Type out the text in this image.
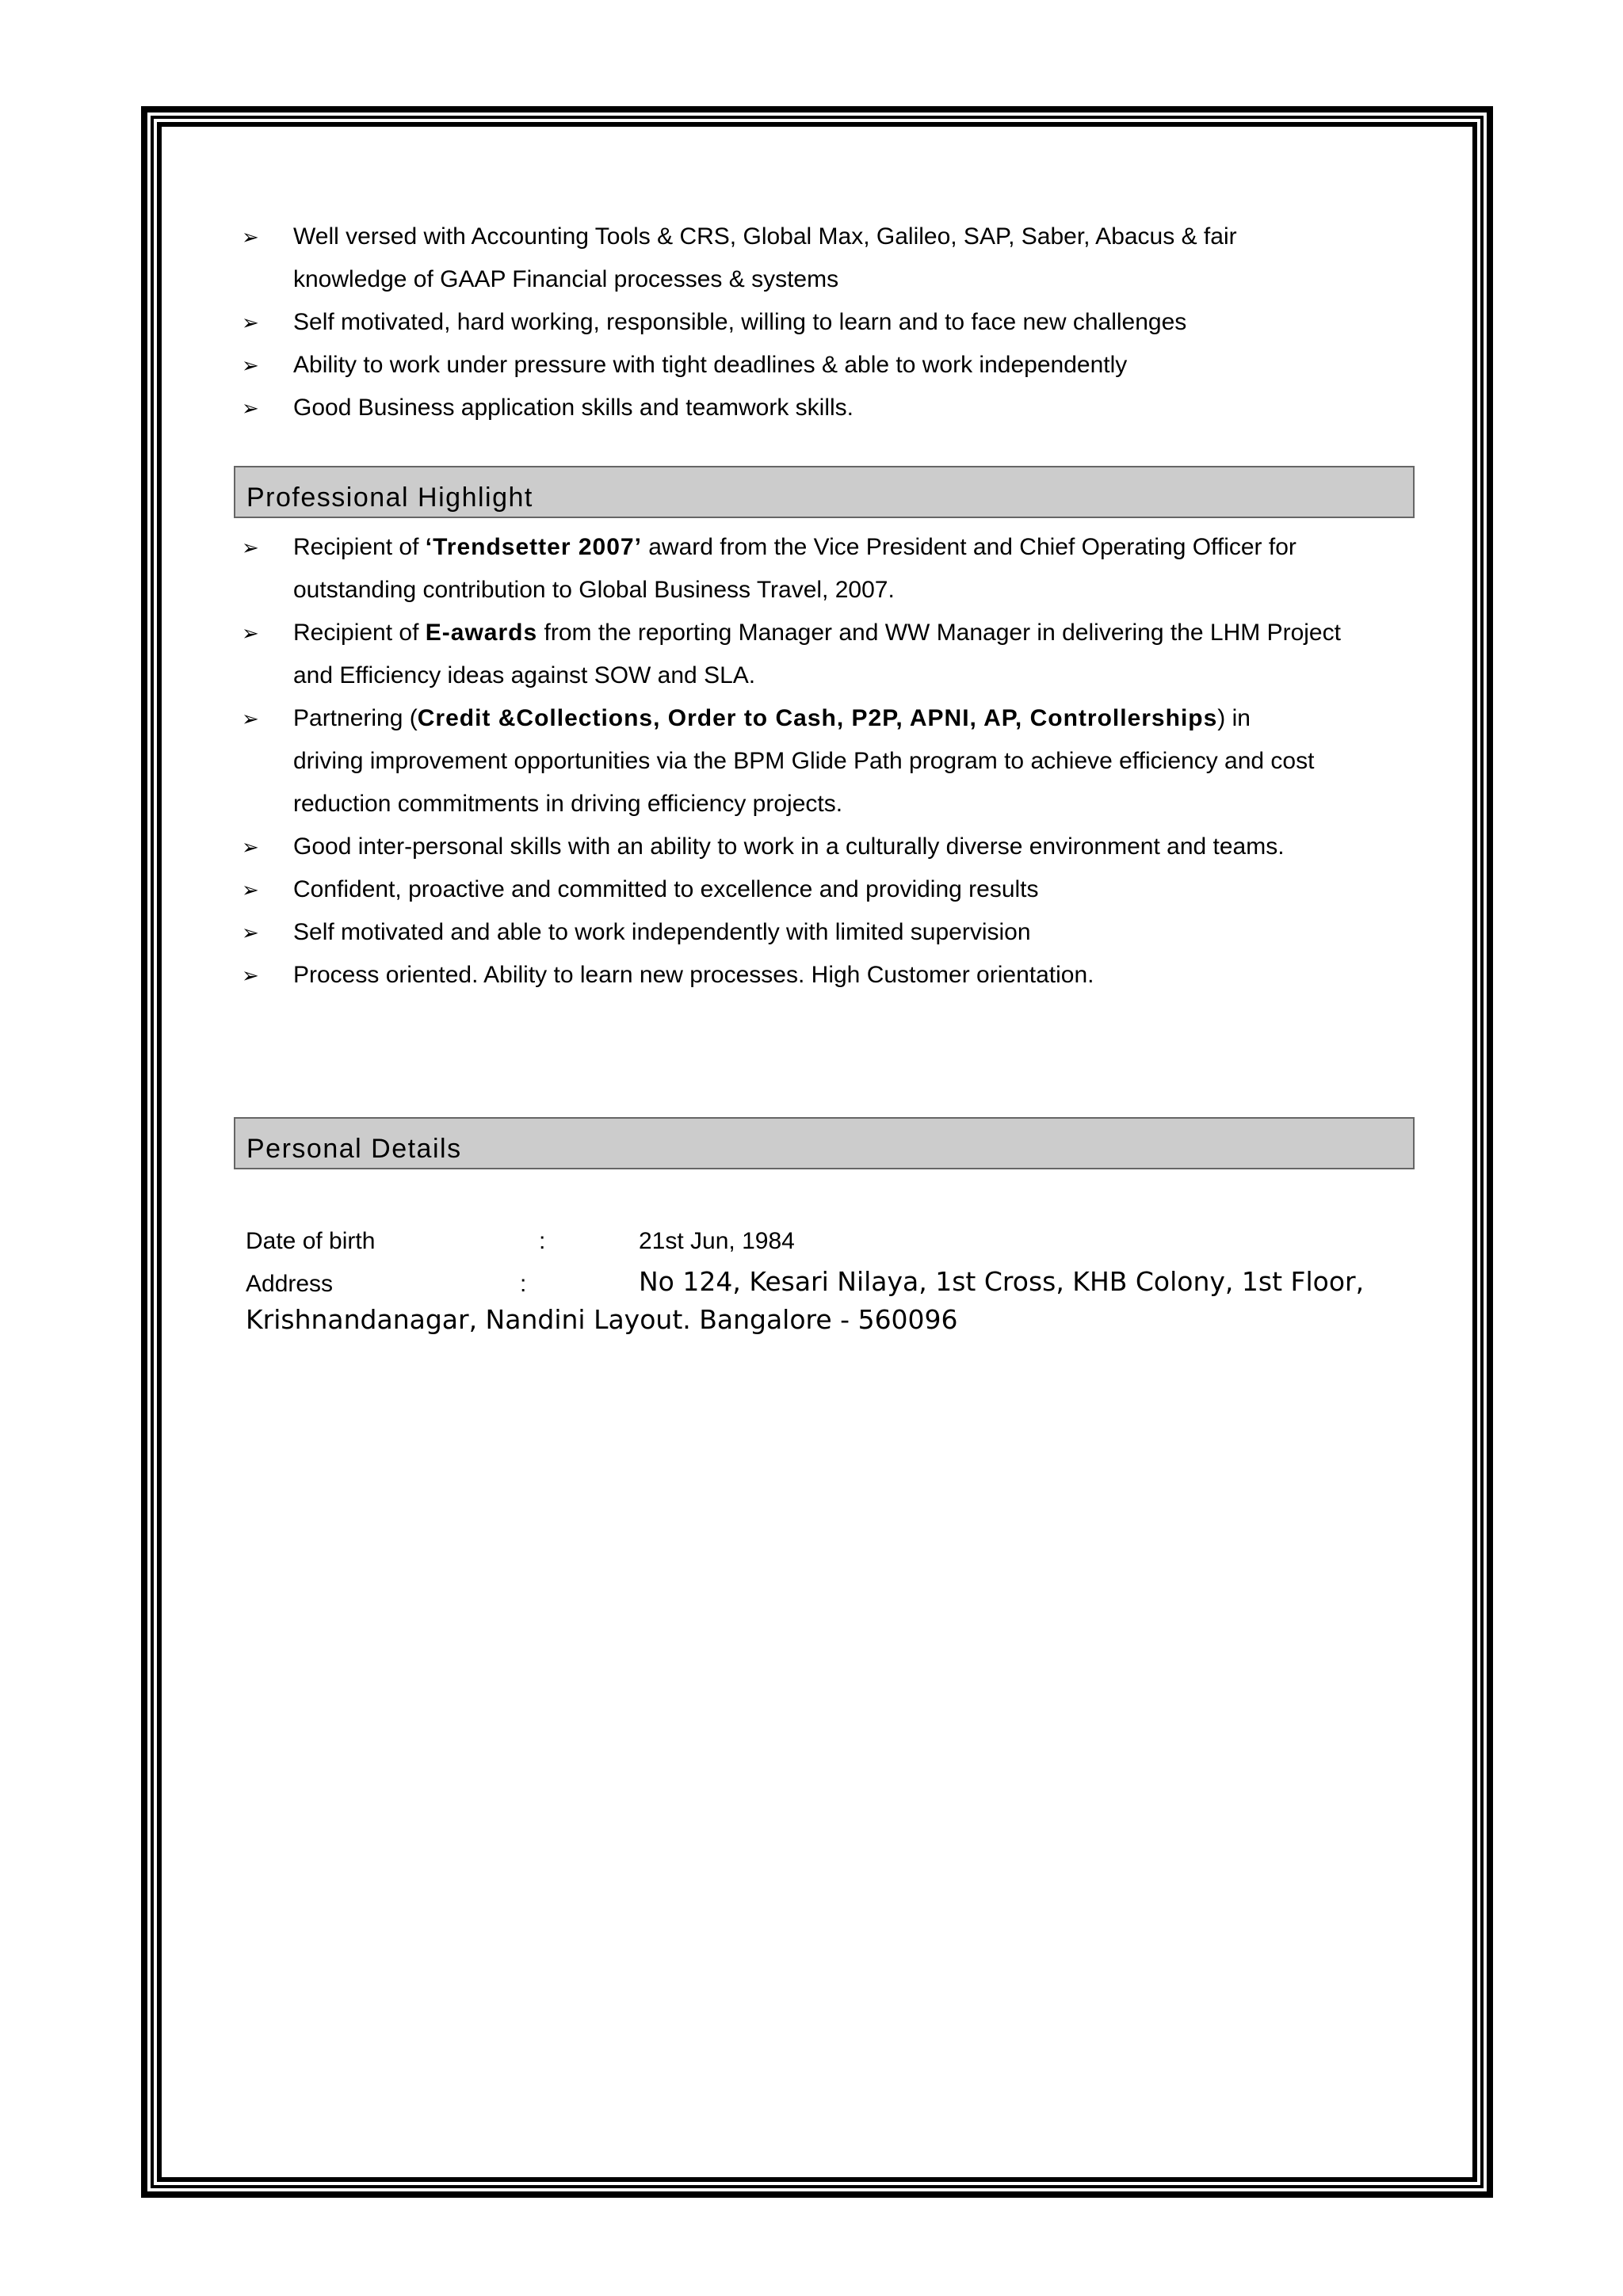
➢ Well versed with Accounting Tools & CRS, Global Max, Galileo, SAP, Saber, Abacus & fair
knowledge of GAAP Financial processes & systems
➢ Self motivated, hard working, responsible, willing to learn and to face new challenges
➢ Ability to work under pressure with tight deadlines & able to work independently
➢ Good Business application skills and teamwork skills.
Professional Highlight
➢ Recipient of ‘Trendsetter 2007’ award from the Vice President and Chief Operating Officer for
outstanding contribution to Global Business Travel, 2007.
➢ Recipient of E-awards from the reporting Manager and WW Manager in delivering the LHM Project
and Efficiency ideas against SOW and SLA.
➢ Partnering (Credit &Collections, Order to Cash, P2P, APNI, AP, Controllerships) in
driving improvement opportunities via the BPM Glide Path program to achieve efficiency and cost
reduction commitments in driving efficiency projects.
➢ Good inter-personal skills with an ability to work in a culturally diverse environment and teams.
➢ Confident, proactive and committed to excellence and providing results
➢ Self motivated and able to work independently with limited supervision
➢ Process oriented. Ability to learn new processes. High Customer orientation.
Personal Details
Date of birth	:	21st Jun, 1984
Address	:	No 124, Kesari Nilaya, 1st Cross, KHB Colony, 1st Floor,
Krishnandanagar, Nandini Layout. Bangalore - 560096
